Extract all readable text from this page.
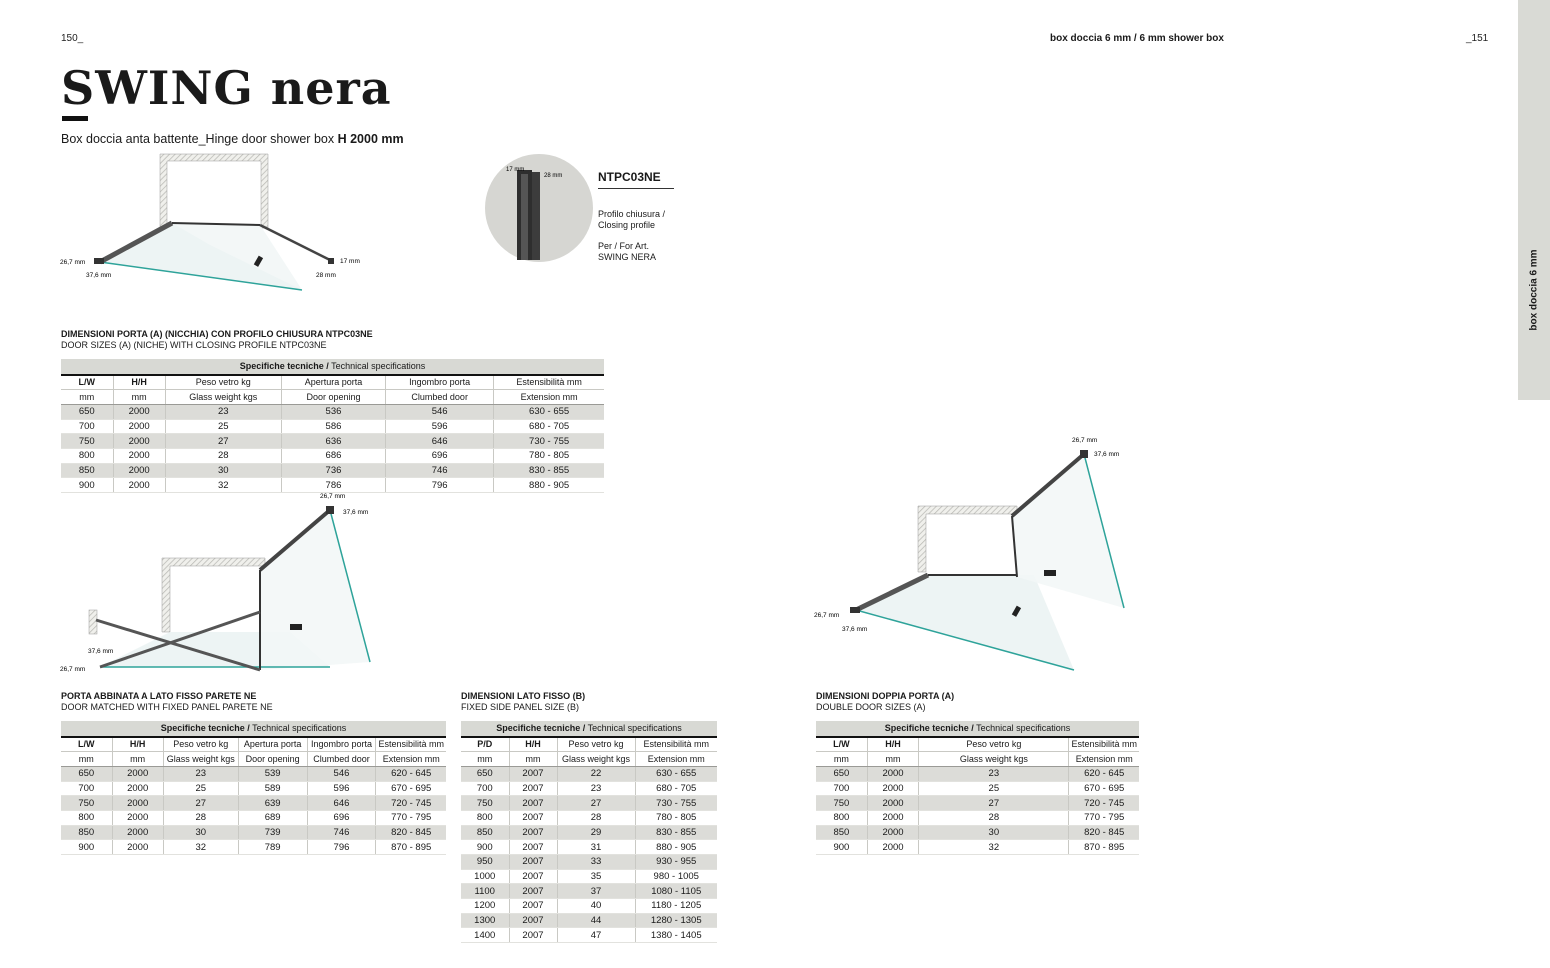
150_	box doccia 6 mm / 6 mm shower box	_151
box doccia 6 mm
SWING nera
Box doccia anta battente_Hinge door shower box H 2000 mm
26,7 mm
37,6 mm
17 mm
28 mm
17 mm
28 mm	NTPC03NE
Profilo chiusura /
Closing profile
Per / For Art.
SWING NERA
DIMENSIONI PORTA (A) (NICCHIA) CON PROFILO CHIUSURA NTPC03NE
DOOR SIZES (A) (NICHE) WITH CLOSING PROFILE NTPC03NE
Specifiche tecniche / Technical specifications					
L/W	H/H	Peso vetro kg	Apertura porta	Ingombro porta	Estensibilità mm
mm	mm	Glass weight kgs	Door opening	Clumbed door	Extension mm
650	2000	23	536	546	630 - 655
700	2000	25	586	596	680 - 705
750	2000	27	636	646	730 - 755
800	2000	28	686	696	780 - 805
850	2000	30	736	746	830 - 855
900	2000	32	786	796	880 - 905
26,7 mm
37,6 mm
37,6 mm
26,7 mm
26,7 mm
37,6 mm
26,7 mm
37,6 mm
PORTA ABBINATA A LATO FISSO PARETE NE
DOOR MATCHED WITH FIXED PANEL PARETE NE
Specifiche tecniche / Technical specifications					
L/W	H/H	Peso vetro kg	Apertura porta	Ingombro porta	Estensibilità mm
mm	mm	Glass weight kgs	Door opening	Clumbed door	Extension mm
650	2000	23	539	546	620 - 645
700	2000	25	589	596	670 - 695
750	2000	27	639	646	720 - 745
800	2000	28	689	696	770 - 795
850	2000	30	739	746	820 - 845
900	2000	32	789	796	870 - 895
DIMENSIONI LATO FISSO (B)
FIXED SIDE PANEL SIZE (B)
Specifiche tecniche / Technical specifications			
P/D	H/H	Peso vetro kg	Estensibilità mm
mm	mm	Glass weight kgs	Extension mm
650	2007	22	630 - 655
700	2007	23	680 - 705
750	2007	27	730 - 755
800	2007	28	780 - 805
850	2007	29	830 - 855
900	2007	31	880 - 905
950	2007	33	930 - 955
1000	2007	35	980 - 1005
1100	2007	37	1080 - 1105
1200	2007	40	1180 - 1205
1300	2007	44	1280 - 1305
1400	2007	47	1380 - 1405
DIMENSIONI DOPPIA PORTA (A)
DOUBLE DOOR SIZES (A)
Specifiche tecniche / Technical specifications			
L/W	H/H	Peso vetro kg	Estensibilità mm
mm	mm	Glass weight kgs	Extension mm
650	2000	23	620 - 645
700	2000	25	670 - 695
750	2000	27	720 - 745
800	2000	28	770 - 795
850	2000	30	820 - 845
900	2000	32	870 - 895
